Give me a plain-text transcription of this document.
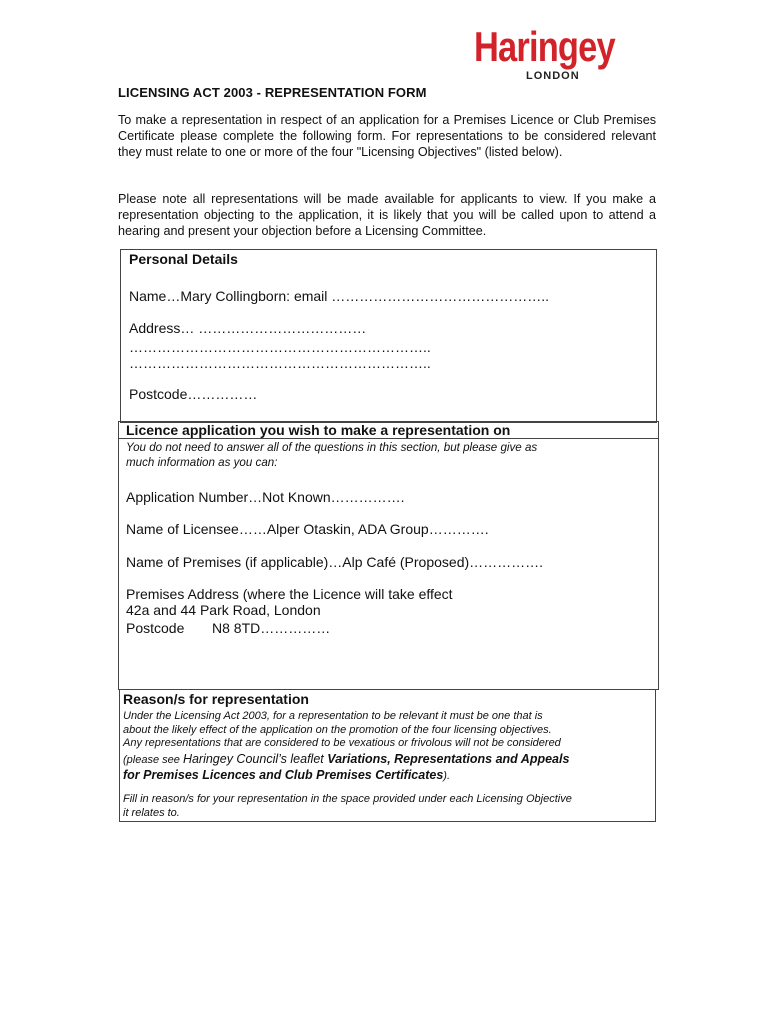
Haringey
LONDON
LICENSING ACT 2003 - REPRESENTATION FORM
To make a representation in respect of an application for a Premises Licence or Club Premises Certificate please complete the following form. For representations to be considered relevant they must relate to one or more of the four "Licensing Objectives" (listed below).
Please note all representations will be made available for applicants to view. If you make a representation objecting to the application, it is likely that you will be called upon to attend a hearing and present your objection before a Licensing Committee.
Personal Details
Name…Mary Collingborn: email ………………………………………..
Address… ………………………………
………………………………………………………..
………………………………………………………..
Postcode……………
Licence application you wish to make a representation on
You do not need to answer all of the questions in this section, but please give as
much information as you can:
Application Number…Not Known…………….
Name of Licensee……Alper Otaskin, ADA Group………….
Name of Premises (if applicable)…Alp Café (Proposed)…………….
Premises Address (where the Licence will take effect
42a and 44 Park Road, London
Postcode N8 8TD……………
Reason/s for representation
Under the Licensing Act 2003, for a representation to be relevant it must be one that is
about the likely effect of the application on the promotion of the four licensing objectives.
Any representations that are considered to be vexatious or frivolous will not be considered
(please see Haringey Council’s leaflet Variations, Representations and Appeals
for Premises Licences and Club Premises Certificates).
Fill in reason/s for your representation in the space provided under each Licensing Objective
it relates to.
